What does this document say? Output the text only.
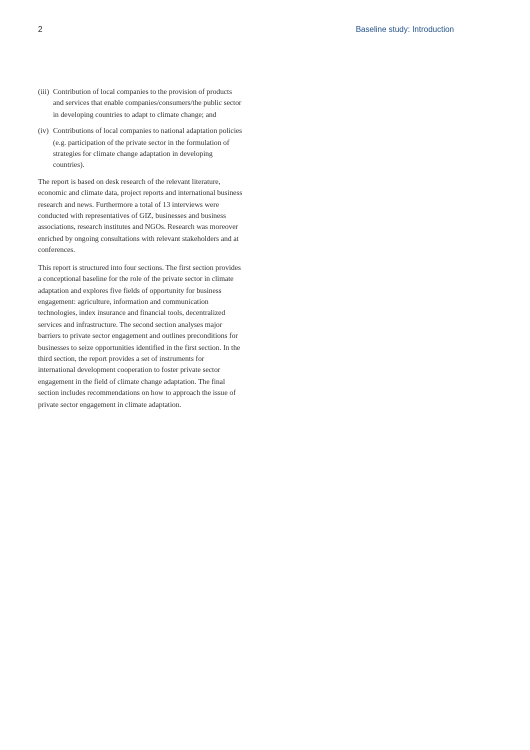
2	Baseline study: Introduction
(iii) Contribution of local companies to the provision of products and services that enable companies/consumers/the public sector in developing countries to adapt to climate change; and
(iv) Contributions of local companies to national adaptation policies (e.g. participation of the private sector in the formulation of strategies for climate change adaptation in developing countries).

The report is based on desk research of the relevant literature, economic and climate data, project reports and international business research and news. Furthermore a total of 13 interviews were conducted with representatives of GIZ, businesses and business associations, research institutes and NGOs. Research was moreover enriched by ongoing consultations with relevant stakeholders and at conferences.

This report is structured into four sections. The first section provides a conceptional baseline for the role of the private sector in climate adaptation and explores five fields of opportunity for business engagement: agriculture, information and communication technologies, index insurance and financial tools, decentralized services and infrastructure. The second section analyses major barriers to private sector engagement and outlines preconditions for businesses to seize opportunities identified in the first section. In the third section, the report provides a set of instruments for international development cooperation to foster private sector engagement in the field of climate change adaptation. The final section includes recommendations on how to approach the issue of private sector engagement in climate adaptation.
